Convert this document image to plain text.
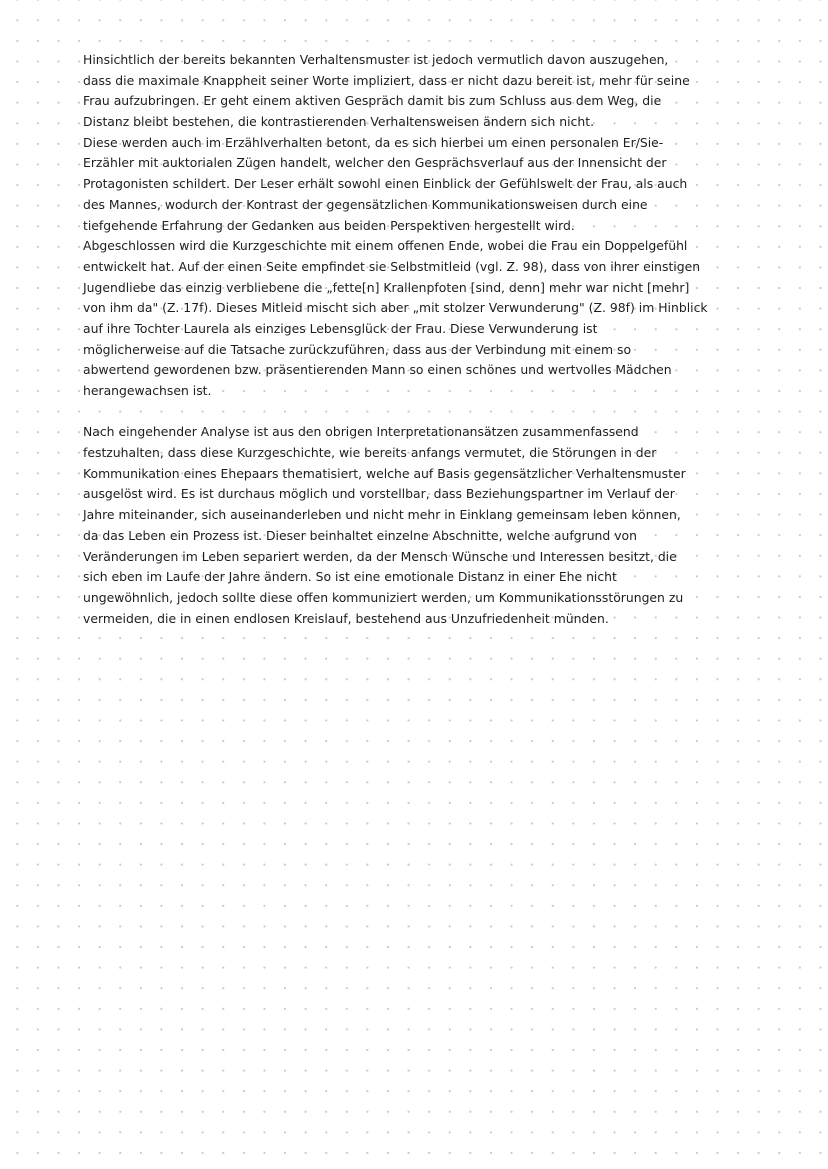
Hinsichtlich der bereits bekannten Verhaltensmuster ist jedoch vermutlich davon auszugehen,
dass die maximale Knappheit seiner Worte impliziert, dass er nicht dazu bereit ist, mehr für seine
Frau aufzubringen. Er geht einem aktiven Gespräch damit bis zum Schluss aus dem Weg, die
Distanz bleibt bestehen, die kontrastierenden Verhaltensweisen ändern sich nicht.
Diese werden auch im Erzählverhalten betont, da es sich hierbei um einen personalen Er/Sie-
Erzähler mit auktorialen Zügen handelt, welcher den Gesprächsverlauf aus der Innensicht der
Protagonisten schildert. Der Leser erhält sowohl einen Einblick der Gefühlswelt der Frau, als auch
des Mannes, wodurch der Kontrast der gegensätzlichen Kommunikationsweisen durch eine
tiefgehende Erfahrung der Gedanken aus beiden Perspektiven hergestellt wird.
Abgeschlossen wird die Kurzgeschichte mit einem offenen Ende, wobei die Frau ein Doppelgefühl
entwickelt hat. Auf der einen Seite empfindet sie Selbstmitleid (vgl. Z. 98), dass von ihrer einstigen
Jugendliebe das einzig verbliebene die „fette[n] Krallenpfoten [sind, denn] mehr war nicht [mehr]
von ihm da" (Z. 17f). Dieses Mitleid mischt sich aber „mit stolzer Verwunderung" (Z. 98f) im Hinblick
auf ihre Tochter Laurela als einziges Lebensglück der Frau. Diese Verwunderung ist
möglicherweise auf die Tatsache zurückzuführen, dass aus der Verbindung mit einem so
abwertend gewordenen bzw. präsentierenden Mann so einen schönes und wertvolles Mädchen
herangewachsen ist.
Nach eingehender Analyse ist aus den obrigen Interpretationansätzen zusammenfassend
festzuhalten, dass diese Kurzgeschichte, wie bereits anfangs vermutet, die Störungen in der
Kommunikation eines Ehepaars thematisiert, welche auf Basis gegensätzlicher Verhaltensmuster
ausgelöst wird. Es ist durchaus möglich und vorstellbar, dass Beziehungspartner im Verlauf der
Jahre miteinander, sich auseinanderleben und nicht mehr in Einklang gemeinsam leben können,
da das Leben ein Prozess ist. Dieser beinhaltet einzelne Abschnitte, welche aufgrund von
Veränderungen im Leben separiert werden, da der Mensch Wünsche und Interessen besitzt, die
sich eben im Laufe der Jahre ändern. So ist eine emotionale Distanz in einer Ehe nicht
ungewöhnlich, jedoch sollte diese offen kommuniziert werden, um Kommunikationsstörungen zu
vermeiden, die in einen endlosen Kreislauf, bestehend aus Unzufriedenheit münden.
